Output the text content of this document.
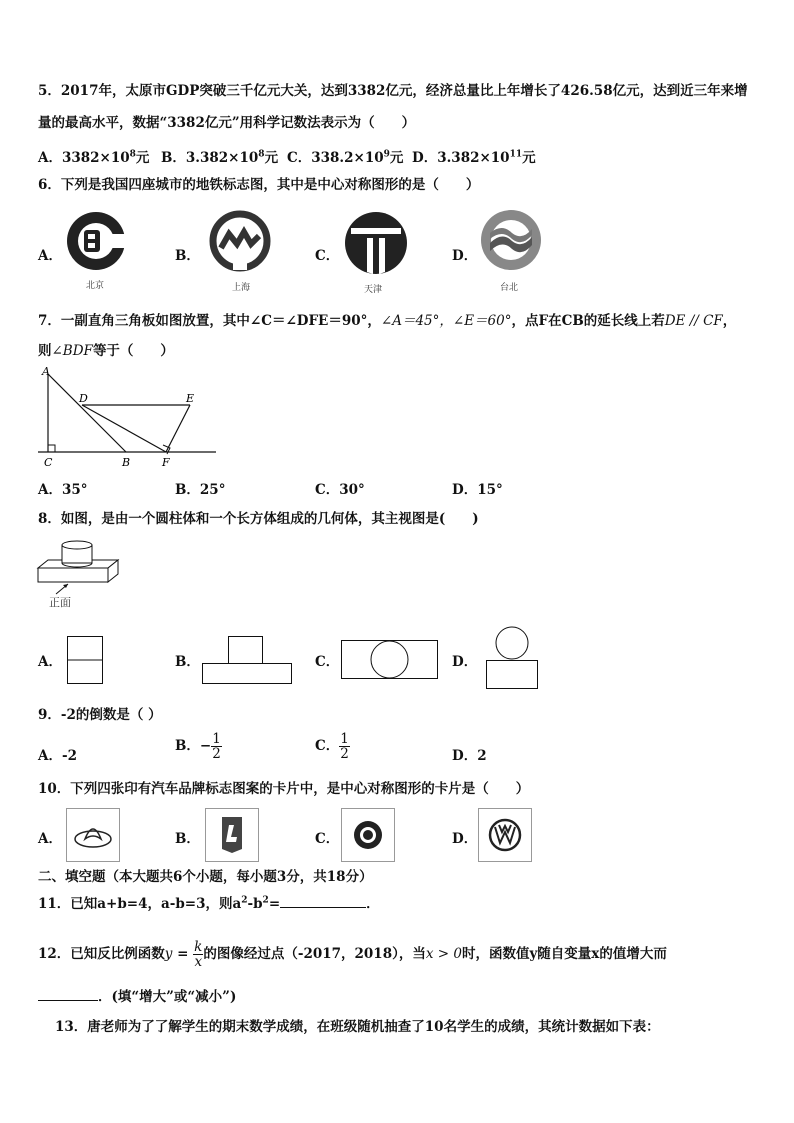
5．2017年，太原市GDP突破三千亿元大关，达到3382亿元，经济总量比上年增长了426.58亿元，达到近三年来增
量的最高水平，数据“3382亿元”用科学记数法表示为（　　）
A．$3382\times 10^8$元 B．$3.382\times 10^8$元 C．$338.2\times 10^9$元 D．$3.382\times 10^{11}$元
6．下列是我国四座城市的地铁标志图，其中是中心对称图形的是（　　）
A．	B．	C．	D．
北京	上海	天津	台北
7．一副直角三角板如图放置，其中∠C＝∠DFE＝90°，∠A＝45°，∠E＝60°，点F在CB的延长线上若DE // CF，
则∠BDF等于（　　）
A
D	E
C	B	F
A．35°	B．25°	C．30°	D．15°
8．如图，是由一个圆柱体和一个长方体组成的几何体，其主视图是(　　)
正面
A．	B．	C．	D．
9．-2的倒数是（ ）
A．-2
B．− $\frac{1}{2}$	C． $\frac{1}{2}$	D．2
10．下列四张印有汽车品牌标志图案的卡片中，是中心对称图形的卡片是（　　）
A．	B．	C．	D．
二、填空题（本大题共6个小题，每小题3分，共18分）
11．已知a+b=4，a-b=3，则$a^2-b^2=$	．
12．已知反比例函数$y = \frac{k}{x}$ 的图像经过点（-2017，2018），当x > 0时，函数值y随自变量x的值增大而
．(填“增大”或“减小”)
13．唐老师为了了解学生的期末数学成绩，在班级随机抽查了10名学生的成绩，其统计数据如下表：
